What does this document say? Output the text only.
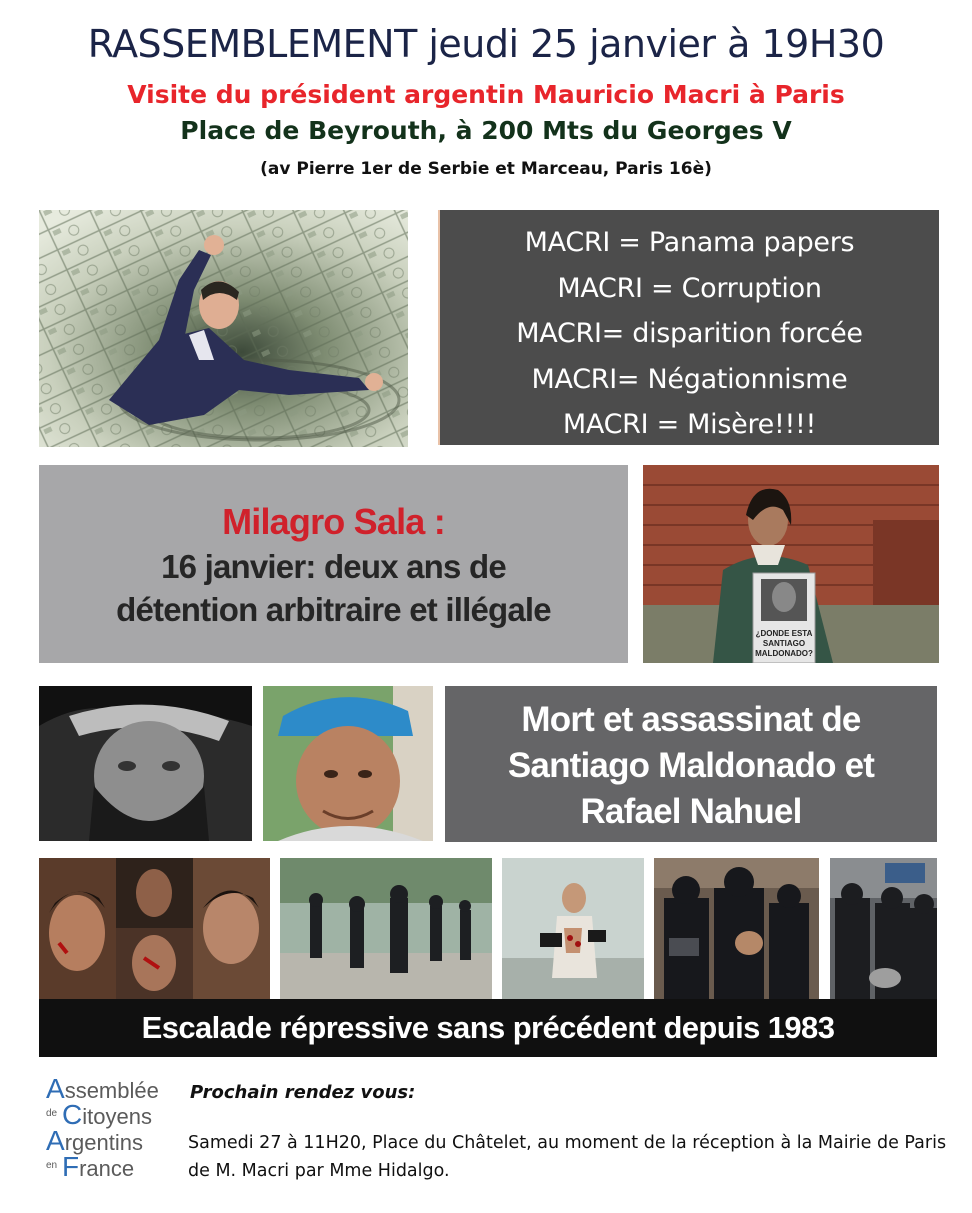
RASSEMBLEMENT jeudi 25 janvier à 19H30
Visite du président argentin Mauricio Macri à Paris
Place de Beyrouth, à 200 Mts du Georges V
(av Pierre 1er de Serbie et Marceau, Paris 16è)
MACRI = Panama papers
MACRI = Corruption
MACRI= disparition forcée
MACRI= Négationnisme
MACRI = Misère!!!!
Milagro Sala :
16 janvier: deux ans de
détention arbitraire et illégale
¿DONDE ESTA
SANTIAGO
MALDONADO?
Mort et assassinat de
Santiago Maldonado et
Rafael Nahuel
Escalade répressive sans précédent depuis 1983
Assemblée
de Citoyens
Argentins
en France
Prochain rendez vous:
Samedi 27 à 11H20, Place du Châtelet, au moment de la réception à la Mairie de Paris de M. Macri par Mme Hidalgo.
